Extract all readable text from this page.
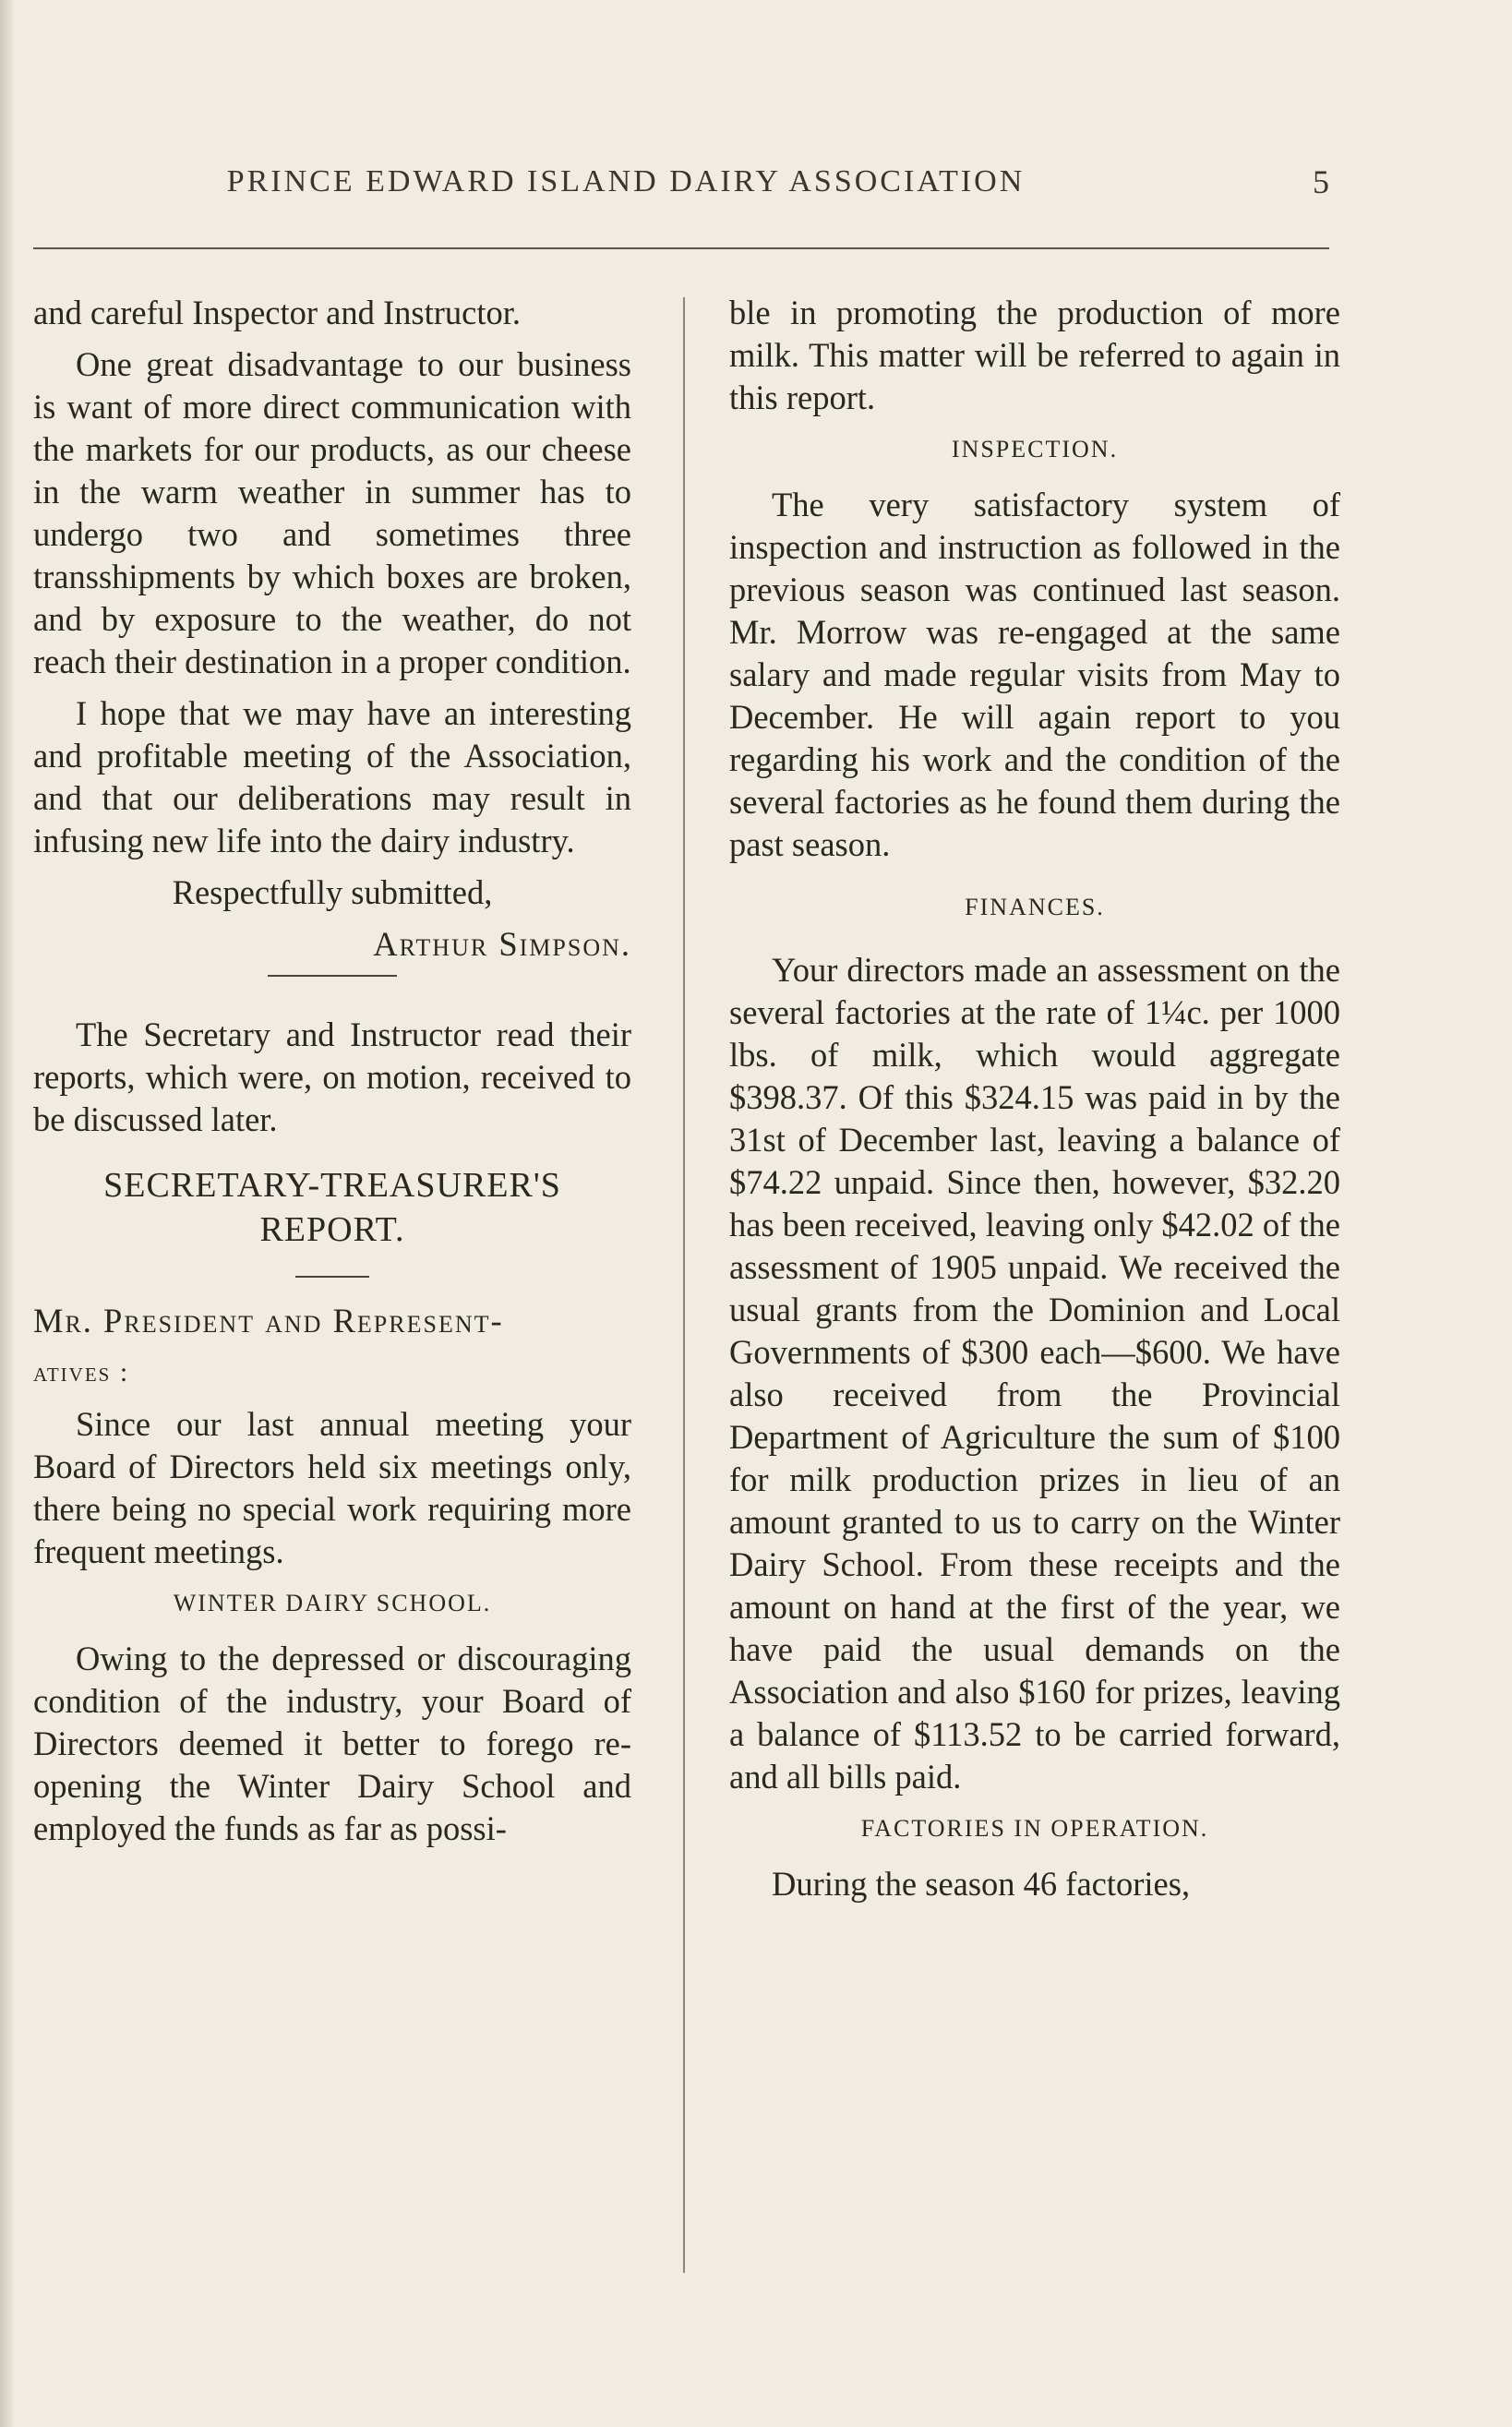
PRINCE EDWARD ISLAND DAIRY ASSOCIATION	5

and careful Inspector and Instructor.

One great disadvantage to our business is want of more direct communication with the markets for our products, as our cheese in the warm weather in summer has to undergo two and sometimes three transshipments by which boxes are broken, and by exposure to the weather, do not reach their destination in a proper condition.

I hope that we may have an interesting and profitable meeting of the Association, and that our deliberations may result in infusing new life into the dairy industry.

Respectfully submitted,

Arthur Simpson.

The Secretary and Instructor read their reports, which were, on motion, received to be discussed later.

SECRETARY-TREASURER'S
REPORT.

Mr. President and Represent-

atives :

Since our last annual meeting your Board of Directors held six meetings only, there being no special work requiring more frequent meetings.

WINTER DAIRY SCHOOL.

Owing to the depressed or discouraging condition of the industry, your Board of Directors deemed it better to forego re-opening the Winter Dairy School and employed the funds as far as possi-

ble in promoting the production of more milk. This matter will be referred to again in this report.

INSPECTION.

The very satisfactory system of inspection and instruction as followed in the previous season was continued last season. Mr. Morrow was re-engaged at the same salary and made regular visits from May to December. He will again report to you regarding his work and the condition of the several factories as he found them during the past season.

FINANCES.

Your directors made an assessment on the several factories at the rate of 1¼c. per 1000 lbs. of milk, which would aggregate $398.37. Of this $324.15 was paid in by the 31st of December last, leaving a balance of $74.22 unpaid. Since then, however, $32.20 has been received, leaving only $42.02 of the assessment of 1905 unpaid. We received the usual grants from the Dominion and Local Governments of $300 each—$600. We have also received from the Provincial Department of Agriculture the sum of $100 for milk production prizes in lieu of an amount granted to us to carry on the Winter Dairy School. From these receipts and the amount on hand at the first of the year, we have paid the usual demands on the Association and also $160 for prizes, leaving a balance of $113.52 to be carried forward, and all bills paid.

FACTORIES IN OPERATION.

During the season 46 factories,
